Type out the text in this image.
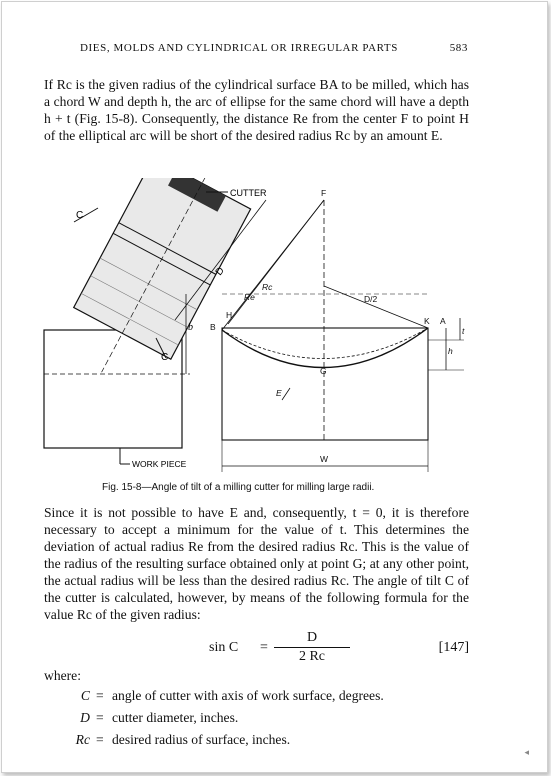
DIES, MOLDS AND CYLINDRICAL OR IRREGULAR PARTS	583
If Rc is the given radius of the cylindrical surface BA to be milled, which has a chord W and depth h, the arc of ellipse for the same chord will have a depth h + t (Fig. 15-8). Consequently, the distance Re from the center F to point H of the elliptical arc will be short of the desired radius Rc by an amount E.
CUTTER
C
D
b
C
WORK PIECE
F
H
B
Re
Rc
D/2
K A
t
h
G
E
W
Fig. 15-8—Angle of tilt of a milling cutter for milling large radii.
Since it is not possible to have E and, consequently, t = 0, it is therefore necessary to accept a minimum for the value of t. This determines the deviation of actual radius Re from the desired radius Rc. This is the value of the radius of the resulting surface obtained only at point G; at any other point, the actual radius will be less than the desired radius Rc. The angle of tilt C of the cutter is calculated, however, by means of the following formula for the value Rc of the given radius:
$\sin C = \frac{D}{2 Rc}$	[147]
where:
C = angle of cutter with axis of work surface, degrees.
D = cutter diameter, inches.
Rc = desired radius of surface, inches.
◂
